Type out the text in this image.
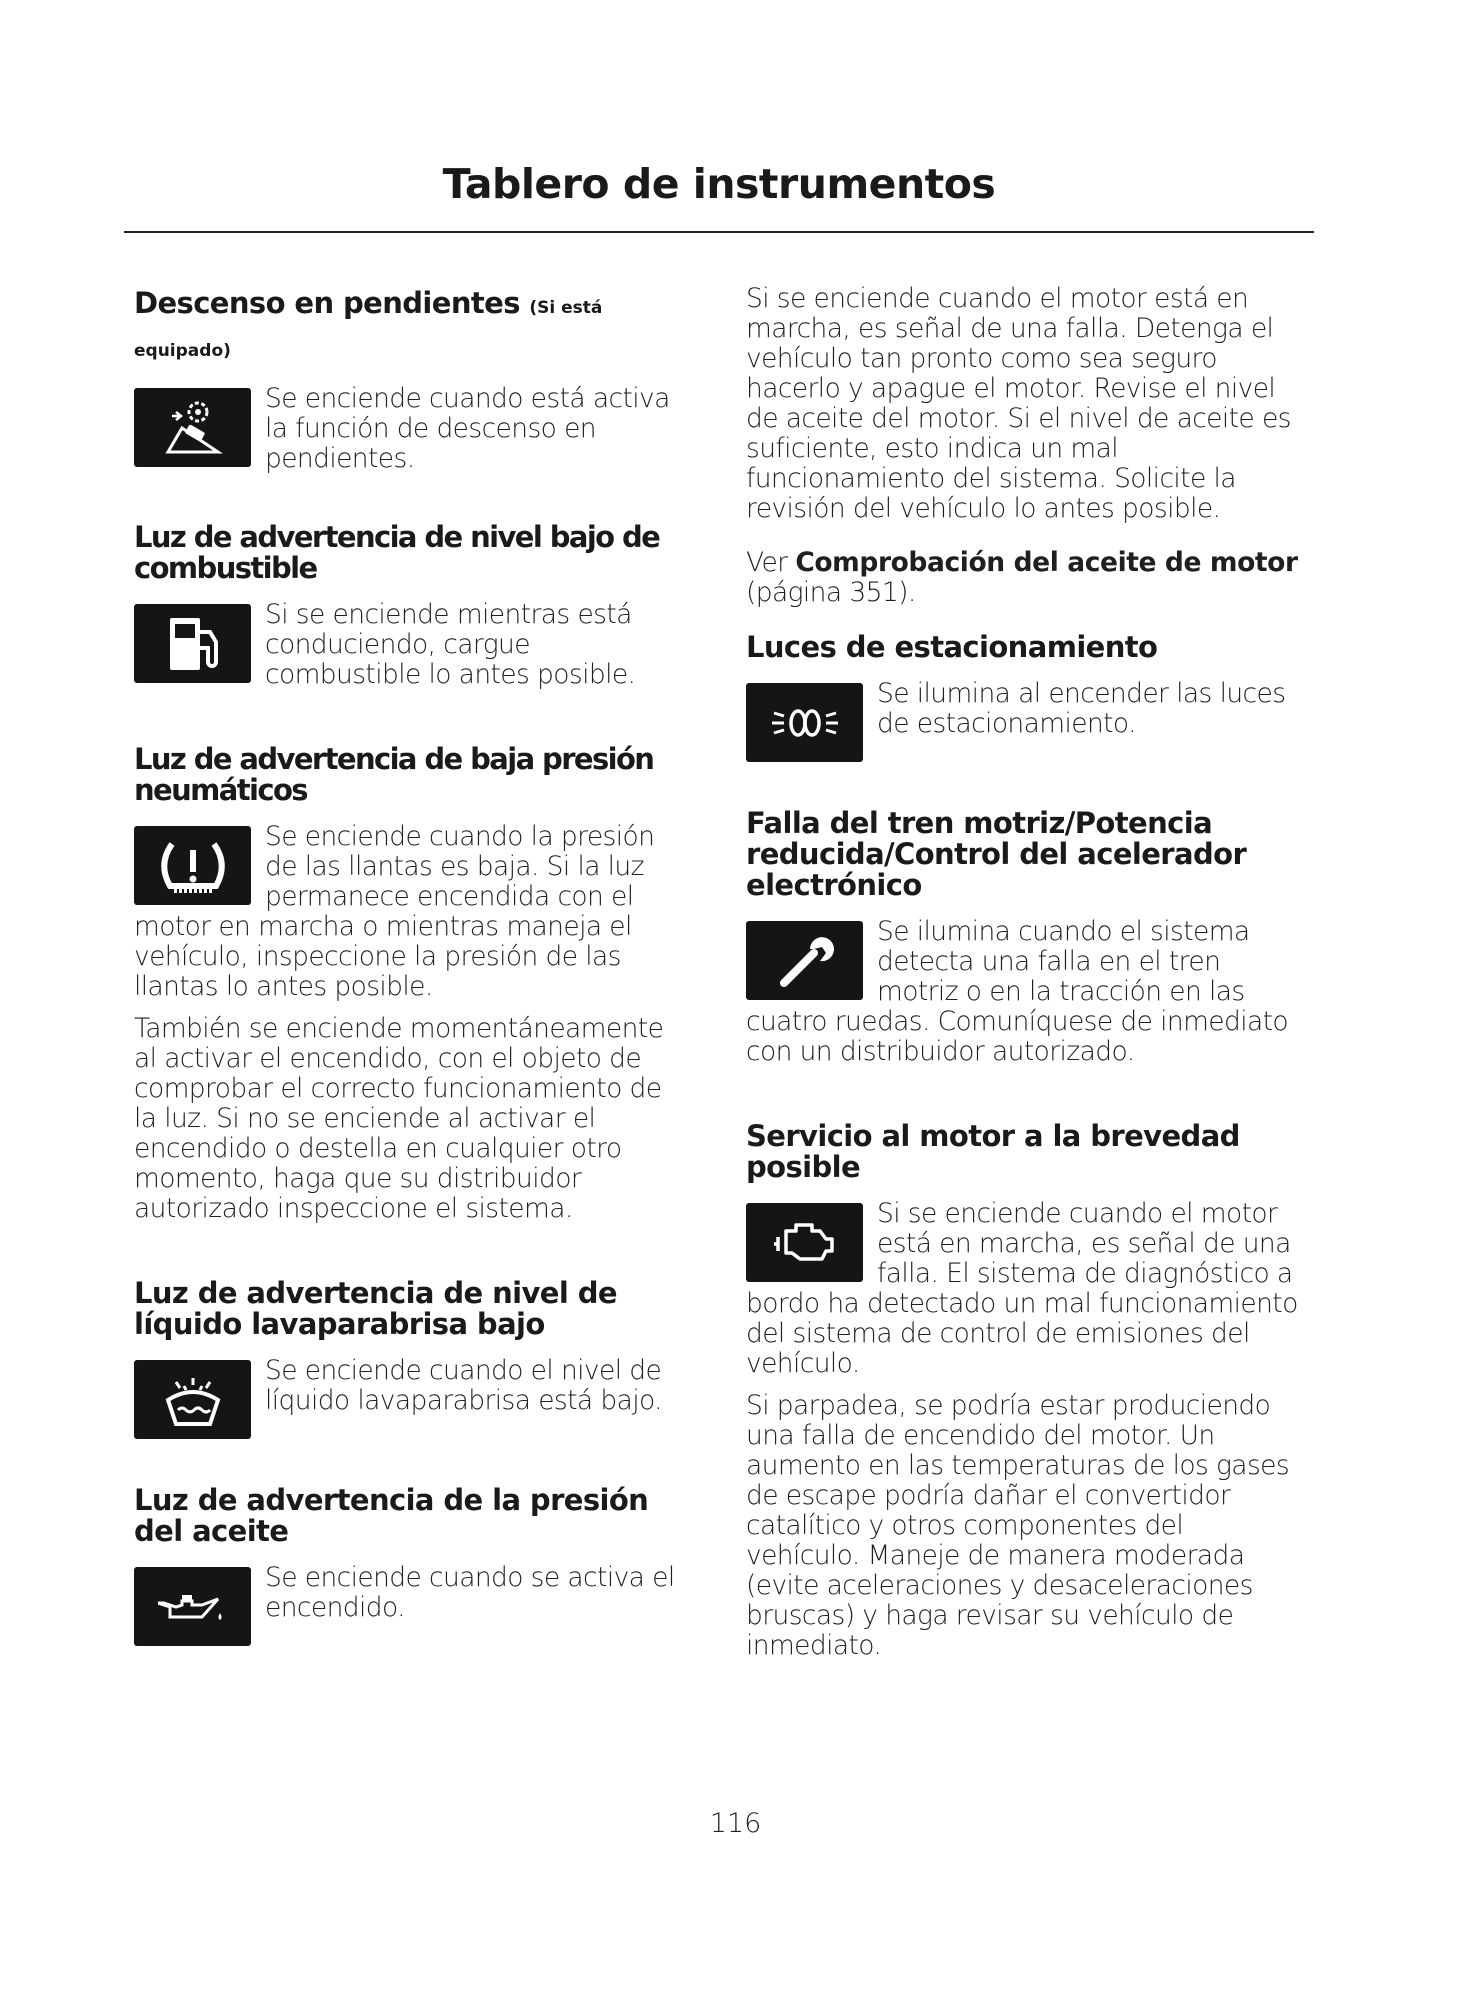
Tablero de instrumentos
Descenso en pendientes (Si está equipado)

Se enciende cuando está activa la función de descenso en pendientes.

Luz de advertencia de nivel bajo de combustible

Si se enciende mientras está conduciendo, cargue combustible lo antes posible.

Luz de advertencia de baja presión neumáticos

Se enciende cuando la presión de las llantas es baja. Si la luz permanece encendida con el motor en marcha o mientras maneja el vehículo, inspeccione la presión de las llantas lo antes posible.

También se enciende momentáneamente al activar el encendido, con el objeto de comprobar el correcto funcionamiento de la luz. Si no se enciende al activar el encendido o destella en cualquier otro momento, haga que su distribuidor autorizado inspeccione el sistema.

Luz de advertencia de nivel de líquido lavaparabrisa bajo

Se enciende cuando el nivel de líquido lavaparabrisa está bajo.

Luz de advertencia de la presión del aceite

Se enciende cuando se activa el encendido.

Si se enciende cuando el motor está en marcha, es señal de una falla. Detenga el vehículo tan pronto como sea seguro hacerlo y apague el motor. Revise el nivel de aceite del motor. Si el nivel de aceite es suficiente, esto indica un mal funcionamiento del sistema. Solicite la revisión del vehículo lo antes posible.

Ver Comprobación del aceite de motor (página 351).

Luces de estacionamiento

Se ilumina al encender las luces de estacionamiento.

Falla del tren motriz/Potencia reducida/Control del acelerador electrónico

Se ilumina cuando el sistema detecta una falla en el tren motriz o en la tracción en las cuatro ruedas. Comuníquese de inmediato con un distribuidor autorizado.

Servicio al motor a la brevedad posible

Si se enciende cuando el motor está en marcha, es señal de una falla. El sistema de diagnóstico a bordo ha detectado un mal funcionamiento del sistema de control de emisiones del vehículo.

Si parpadea, se podría estar produciendo una falla de encendido del motor. Un aumento en las temperaturas de los gases de escape podría dañar el convertidor catalítico y otros componentes del vehículo. Maneje de manera moderada (evite aceleraciones y desaceleraciones bruscas) y haga revisar su vehículo de inmediato.

116
